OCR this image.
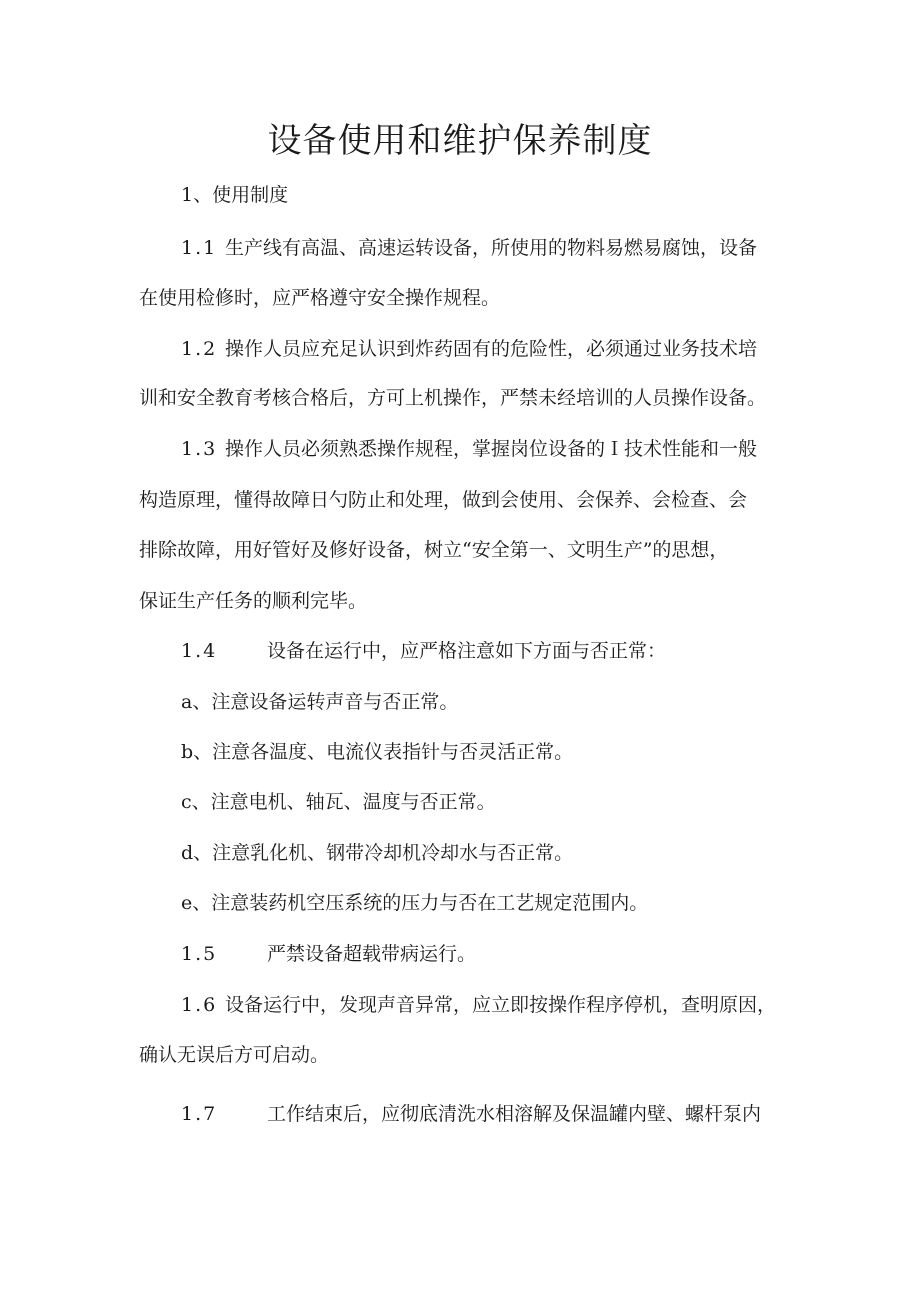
设备使用和维护保养制度
1、使用制度
1.1 生产线有高温、高速运转设备，所使用的物料易燃易腐蚀，设备
在使用检修时，应严格遵守安全操作规程。
1.2 操作人员应充足认识到炸药固有的危险性，必须通过业务技术培
训和安全教育考核合格后，方可上机操作，严禁未经培训的人员操作设备。
1.3 操作人员必须熟悉操作规程，掌握岗位设备的Ｉ技术性能和一般
构造原理，懂得故障日勺防止和处理，做到会使用、会保养、会检查、会
排除故障，用好管好及修好设备，树立“安全第一、文明生产”的思想，
保证生产任务的顺利完毕。
1.4	设备在运行中，应严格注意如下方面与否正常：
a、注意设备运转声音与否正常。
b、注意各温度、电流仪表指针与否灵活正常。
c、注意电机、轴瓦、温度与否正常。
d、注意乳化机、钢带冷却机冷却水与否正常。
e、注意装药机空压系统的压力与否在工艺规定范围内。
1.5	严禁设备超载带病运行。
1.6 设备运行中，发现声音异常，应立即按操作程序停机，查明原因，
确认无误后方可启动。
1.7	工作结束后，应彻底清洗水相溶解及保温罐内壁、螺杆泵内
